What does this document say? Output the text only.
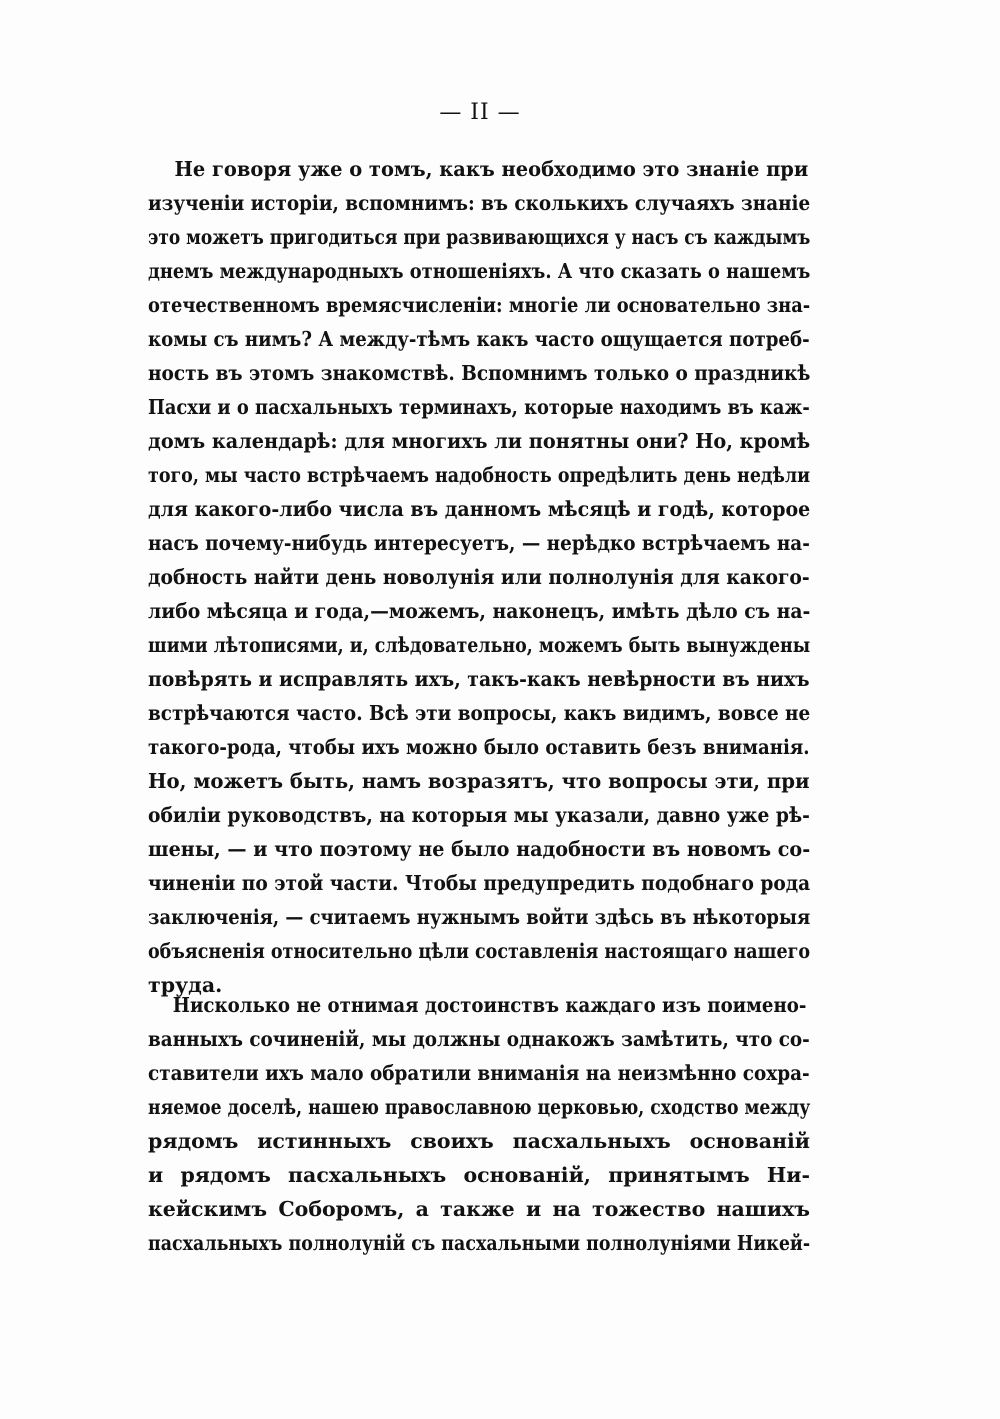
— II —
Не говоря уже о томъ, какъ необходимо это знаніе при
изученіи исторіи, вспомнимъ: въ сколькихъ случаяхъ знаніе
это можетъ пригодиться при развивающихся у насъ съ каждымъ
днемъ международныхъ отношеніяхъ. А что сказать о нашемъ
отечественномъ времясчисленіи: многіе ли основательно зна-
комы съ нимъ? А между-тѣмъ какъ часто ощущается потреб-
ность въ этомъ знакомствѣ. Вспомнимъ только о праздникѣ
Пасхи и о пасхальныхъ терминахъ, которые находимъ въ каж-
домъ календарѣ: для многихъ ли понятны они? Но, кромѣ
того, мы часто встрѣчаемъ надобность опредѣлить день недѣли
для какого-либо числа въ данномъ мѣсяцѣ и годѣ, которое
насъ почему-нибудь интересуетъ, — нерѣдко встрѣчаемъ на-
добность найти день новолунія или полнолунія для какого-
либо мѣсяца и года,—можемъ, наконецъ, имѣть дѣло съ на-
шими лѣтописями, и, слѣдовательно, можемъ быть вынуждены
повѣрять и исправлять ихъ, такъ-какъ невѣрности въ нихъ
встрѣчаются часто. Всѣ эти вопросы, какъ видимъ, вовсе не
такого-рода, чтобы ихъ можно было оставить безъ вниманія.
Но, можетъ быть, намъ возразятъ, что вопросы эти, при
обиліи руководствъ, на которыя мы указали, давно уже рѣ-
шены, — и что поэтому не было надобности въ новомъ со-
чиненіи по этой части. Чтобы предупредить подобнаго рода
заключенія, — считаемъ нужнымъ войти здѣсь въ нѣкоторыя
объясненія относительно цѣли составленія настоящаго нашего
труда.
Нисколько не отнимая достоинствъ каждаго изъ поимено-
ванныхъ сочиненій, мы должны однакожъ замѣтить, что со-
ставители ихъ мало обратили вниманія на неизмѣнно сохра-
няемое доселѣ, нашею православною церковью, сходство между
рядомъ истинныхъ своихъ пасхальныхъ основаній
и рядомъ пасхальныхъ основаній, принятымъ Ни-
кейскимъ Соборомъ, а также и на тожество нашихъ
пасхальныхъ полнолуній съ пасхальными полнолуніями Никей-
